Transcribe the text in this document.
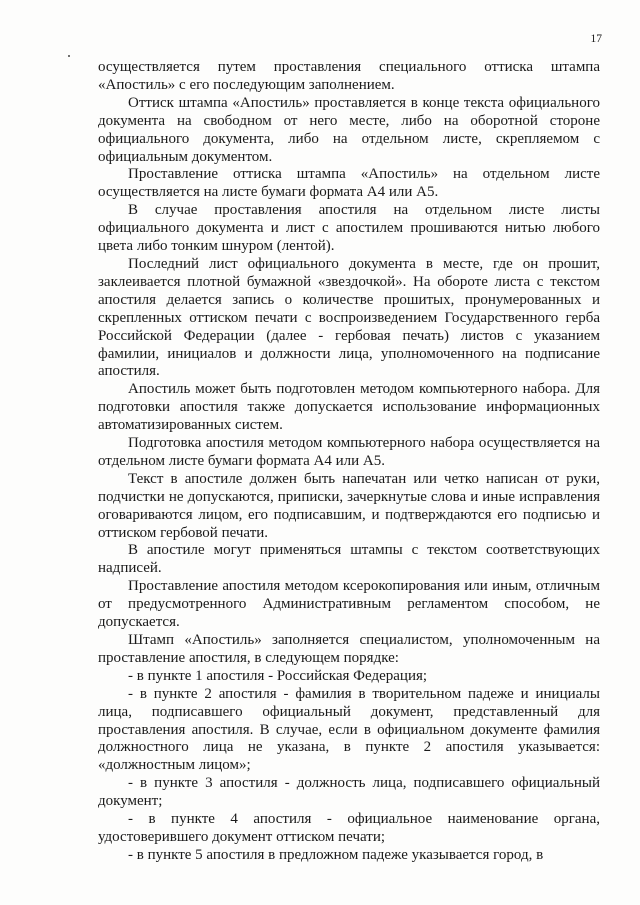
17

осуществляется путем проставления специального оттиска штампа «Апостиль» с его последующим заполнением.

Оттиск штампа «Апостиль» проставляется в конце текста официального документа на свободном от него месте, либо на оборотной стороне официального документа, либо на отдельном листе, скрепляемом с официальным документом.

Проставление оттиска штампа «Апостиль» на отдельном листе осуществляется на листе бумаги формата А4 или А5.

В случае проставления апостиля на отдельном листе листы официального документа и лист с апостилем прошиваются нитью любого цвета либо тонким шнуром (лентой).

Последний лист официального документа в месте, где он прошит, заклеивается плотной бумажной «звездочкой». На обороте листа с текстом апостиля делается запись о количестве прошитых, пронумерованных и скрепленных оттиском печати с воспроизведением Государственного герба Российской Федерации (далее - гербовая печать) листов с указанием фамилии, инициалов и должности лица, уполномоченного на подписание апостиля.

Апостиль может быть подготовлен методом компьютерного набора. Для подготовки апостиля также допускается использование информационных автоматизированных систем.

Подготовка апостиля методом компьютерного набора осуществляется на отдельном листе бумаги формата А4 или А5.

Текст в апостиле должен быть напечатан или четко написан от руки, подчистки не допускаются, приписки, зачеркнутые слова и иные исправления оговариваются лицом, его подписавшим, и подтверждаются его подписью и оттиском гербовой печати.

В апостиле могут применяться штампы с текстом соответствующих надписей.

Проставление апостиля методом ксерокопирования или иным, отличным от предусмотренного Административным регламентом способом, не допускается.

Штамп «Апостиль» заполняется специалистом, уполномоченным на проставление апостиля, в следующем порядке:

- в пункте 1 апостиля - Российская Федерация;

- в пункте 2 апостиля - фамилия в творительном падеже и инициалы лица, подписавшего официальный документ, представленный для проставления апостиля. В случае, если в официальном документе фамилия должностного лица не указана, в пункте 2 апостиля указывается: «должностным лицом»;

- в пункте 3 апостиля - должность лица, подписавшего официальный документ;

- в пункте 4 апостиля - официальное наименование органа, удостоверившего документ оттиском печати;

- в пункте 5 апостиля в предложном падеже указывается город, в
